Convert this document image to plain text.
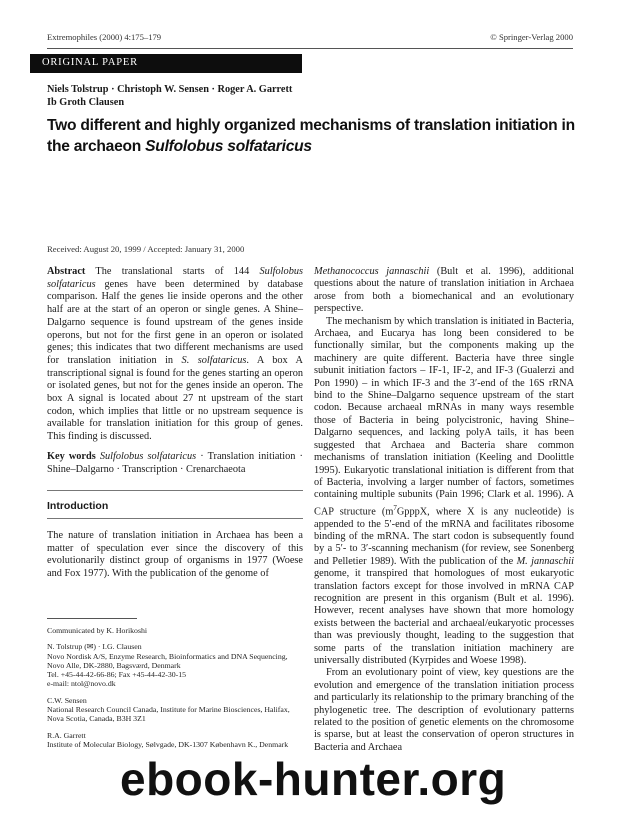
Extremophiles (2000) 4:175–179	© Springer-Verlag 2000
ORIGINAL PAPER
Niels Tolstrup · Christoph W. Sensen · Roger A. Garrett
Ib Groth Clausen
Two different and highly organized mechanisms of translation initiation in the archaeon Sulfolobus solfataricus
Received: August 20, 1999 / Accepted: January 31, 2000

Abstract The translational starts of 144 Sulfolobus solfataricus genes have been determined by database comparison. Half the genes lie inside operons and the other half are at the start of an operon or single genes. A Shine–Dalgarno sequence is found upstream of the genes inside operons, but not for the first gene in an operon or isolated genes; this indicates that two different mechanisms are used for translation initiation in S. solfataricus. A box A transcriptional signal is found for the genes starting an operon or isolated genes, but not for the genes inside an operon. The box A signal is located about 27 nt upstream of the start codon, which implies that little or no upstream sequence is available for translation initiation for this group of genes. This finding is discussed.

Key words Sulfolobus solfataricus · Translation initiation · Shine–Dalgarno · Transcription · Crenarchaeota

Introduction
The nature of translation initiation in Archaea has been a matter of speculation ever since the discovery of this evolutionarily distinct group of organisms in 1977 (Woese and Fox 1977). With the publication of the genome of
Communicated by K. Horikoshi
N. Tolstrup (✉) · I.G. Clausen
Novo Nordisk A/S, Enzyme Research, Bioinformatics and DNA Sequencing, Novo Alle, DK-2880, Bagsværd, Denmark
Tel. +45-44-42-66-86; Fax +45-44-42-30-15
e-mail: ntol@novo.dk
C.W. Sensen
National Research Council Canada, Institute for Marine Biosciences, Halifax, Nova Scotia, Canada, B3H 3Z1
R.A. Garrett
Institute of Molecular Biology, Sølvgade, DK-1307 København K., Denmark

Methanococcus jannaschii (Bult et al. 1996), additional questions about the nature of translation initiation in Archaea arose from both a biomechanical and an evolutionary perspective.

The mechanism by which translation is initiated in Bacteria, Archaea, and Eucarya has long been considered to be functionally similar, but the components making up the machinery are quite different. Bacteria have three single subunit initiation factors – IF-1, IF-2, and IF-3 (Gualerzi and Pon 1990) – in which IF-3 and the 3′-end of the 16S rRNA bind to the Shine–Dalgarno sequence upstream of the start codon. Because archaeal mRNAs in many ways resemble those of Bacteria in being polycistronic, having Shine–Dalgarno sequences, and lacking polyA tails, it has been suggested that Archaea and Bacteria share common mechanisms of translation initiation (Keeling and Doolittle 1995). Eukaryotic translational initiation is different from that of Bacteria, involving a larger number of factors, sometimes containing multiple subunits (Pain 1996; Clark et al. 1996). A CAP structure ($m^7GpppX$, where X is any nucleotide) is appended to the 5′-end of the mRNA and facilitates ribosome binding of the mRNA. The start codon is subsequently found by a 5′- to 3′-scanning mechanism (for review, see Sonenberg and Pelletier 1989). With the publication of the M. jannaschii genome, it transpired that homologues of most eukaryotic translation factors except for those involved in mRNA CAP recognition are present in this organism (Bult et al. 1996). However, recent analyses have shown that more homology exists between the bacterial and archaeal/eukaryotic processes than was previously thought, leading to the suggestion that some parts of the translation initiation machinery are universally distributed (Kyrpides and Woese 1998).

From an evolutionary point of view, key questions are the evolution and emergence of the translation initiation process and particularly its relationship to the primary branching of the phylogenetic tree. The description of evolutionary patterns related to the position of genetic elements on the chromosome is sparse, but at least the conservation of operon structures in Bacteria and Archaea

ebook-hunter.org
